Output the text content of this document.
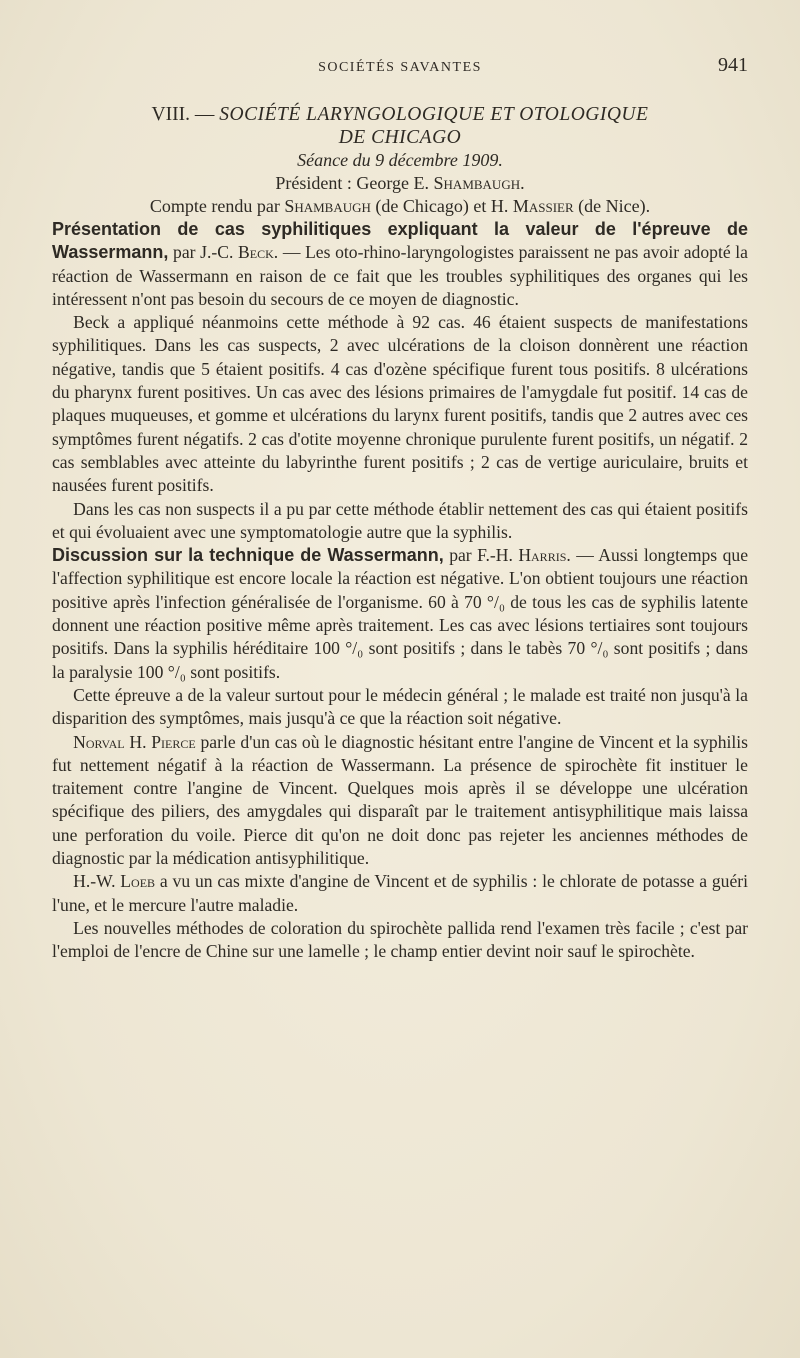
SOCIÉTÉS SAVANTES	941
VIII. — SOCIÉTÉ LARYNGOLOGIQUE ET OTOLOGIQUE
DE CHICAGO
Séance du 9 décembre 1909.
Président : George E. Shambaugh.
Compte rendu par Shambaugh (de Chicago) et H. Massier (de Nice).

Présentation de cas syphilitiques expliquant la valeur de l'épreuve de Wassermann, par J.-C. Beck. — Les oto-rhino-laryngologistes paraissent ne pas avoir adopté la réaction de Wassermann en raison de ce fait que les troubles syphilitiques des organes qui les intéressent n'ont pas besoin du secours de ce moyen de diagnostic.

Beck a appliqué néanmoins cette méthode à 92 cas. 46 étaient suspects de manifestations syphilitiques. Dans les cas suspects, 2 avec ulcérations de la cloison donnèrent une réaction négative, tandis que 5 étaient positifs. 4 cas d'ozène spécifique furent tous positifs. 8 ulcérations du pharynx furent positives. Un cas avec des lésions primaires de l'amygdale fut positif. 14 cas de plaques muqueuses, et gomme et ulcérations du larynx furent positifs, tandis que 2 autres avec ces symptômes furent négatifs. 2 cas d'otite moyenne chronique purulente furent positifs, un négatif. 2 cas semblables avec atteinte du labyrinthe furent positifs ; 2 cas de vertige auriculaire, bruits et nausées furent positifs.

Dans les cas non suspects il a pu par cette méthode établir nettement des cas qui étaient positifs et qui évoluaient avec une symptomatologie autre que la syphilis.

Discussion sur la technique de Wassermann, par F.-H. Harris. — Aussi longtemps que l'affection syphilitique est encore locale la réaction est négative. L'on obtient toujours une réaction positive après l'infection généralisée de l'organisme. 60 à 70 °/₀ de tous les cas de syphilis latente donnent une réaction positive même après traitement. Les cas avec lésions tertiaires sont toujours positifs. Dans la syphilis héréditaire 100 °/₀ sont positifs ; dans le tabès 70 °/₀ sont positifs ; dans la paralysie 100 °/₀ sont positifs.

Cette épreuve a de la valeur surtout pour le médecin général ; le malade est traité non jusqu'à la disparition des symptômes, mais jusqu'à ce que la réaction soit négative.

Norval H. Pierce parle d'un cas où le diagnostic hésitant entre l'angine de Vincent et la syphilis fut nettement négatif à la réaction de Wassermann. La présence de spirochète fit instituer le traitement contre l'angine de Vincent. Quelques mois après il se développe une ulcération spécifique des piliers, des amygdales qui disparaît par le traitement antisyphilitique mais laissa une perforation du voile. Pierce dit qu'on ne doit donc pas rejeter les anciennes méthodes de diagnostic par la médication antisyphilitique.

H.-W. Loeb a vu un cas mixte d'angine de Vincent et de syphilis : le chlorate de potasse a guéri l'une, et le mercure l'autre maladie.

Les nouvelles méthodes de coloration du spirochète pallida rend l'examen très facile ; c'est par l'emploi de l'encre de Chine sur une lamelle ; le champ entier devint noir sauf le spirochète.
